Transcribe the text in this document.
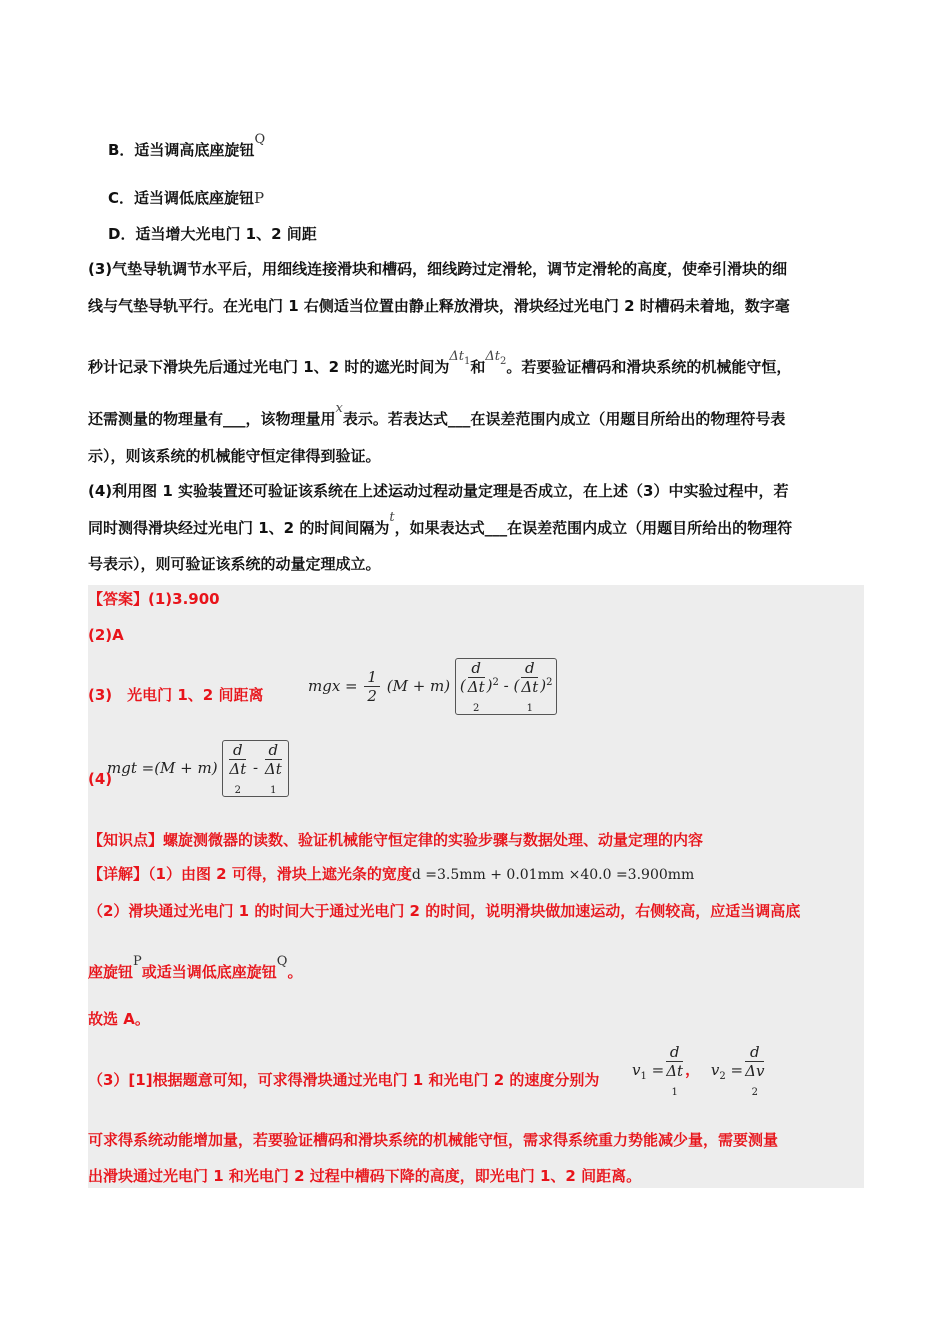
B．适当调高底座旋钮Q
C．适当调低底座旋钮P
D．适当增大光电门 1、2 间距
(3)气垫导轨调节水平后，用细线连接滑块和槽码，细线跨过定滑轮，调节定滑轮的高度，使牵引滑块的细
线与气垫导轨平行。在光电门 1 右侧适当位置由静止释放滑块，滑块经过光电门 2 时槽码未着地，数字毫
秒计记录下滑块先后通过光电门 1、2 时的遮光时间为$\Delta t_1$和$\Delta t_2$。若要验证槽码和滑块系统的机械能守恒，
还需测量的物理量有___，该物理量用x表示。若表达式___在误差范围内成立（用题目所给出的物理符号表
示），则该系统的机械能守恒定律得到验证。
(4)利用图 1 实验装置还可验证该系统在上述运动过程动量定理是否成立，在上述（3）中实验过程中，若
同时测得滑块经过光电门 1、2 的时间间隔为t，如果表达式___在误差范围内成立（用题目所给出的物理符
号表示），则可验证该系统的动量定理成立。
【答案】(1)3.900
(2)A
(3)　光电门 1、2 间距离	mgx = $\frac{1}{2} (M + m)$ ( d
Δt
2 )$^2$ - ( d
Δt
1 )$^2$
(4)
mgt =(M + m) d
Δt
2 - d
Δt
1
【知识点】螺旋测微器的读数、验证机械能守恒定律的实验步骤与数据处理、动量定理的内容
【详解】（1）由图 2 可得，滑块上遮光条的宽度d =3.5mm + 0.01mm ×40.0 =3.900mm
（2）滑块通过光电门 1 的时间大于通过光电门 2 的时间，说明滑块做加速运动，右侧较高，应适当调高底
座旋钮P或适当调低底座旋钮Q。
故选 A。
（3）[1]根据题意可知，可求得滑块通过光电门 1 和光电门 2 的速度分别为
$v_1 = d$
Δt
1 ， $v_2 = d$
Δv
2
可求得系统动能增加量，若要验证槽码和滑块系统的机械能守恒，需求得系统重力势能减少量，需要测量
出滑块通过光电门 1 和光电门 2 过程中槽码下降的高度，即光电门 1、2 间距离。
